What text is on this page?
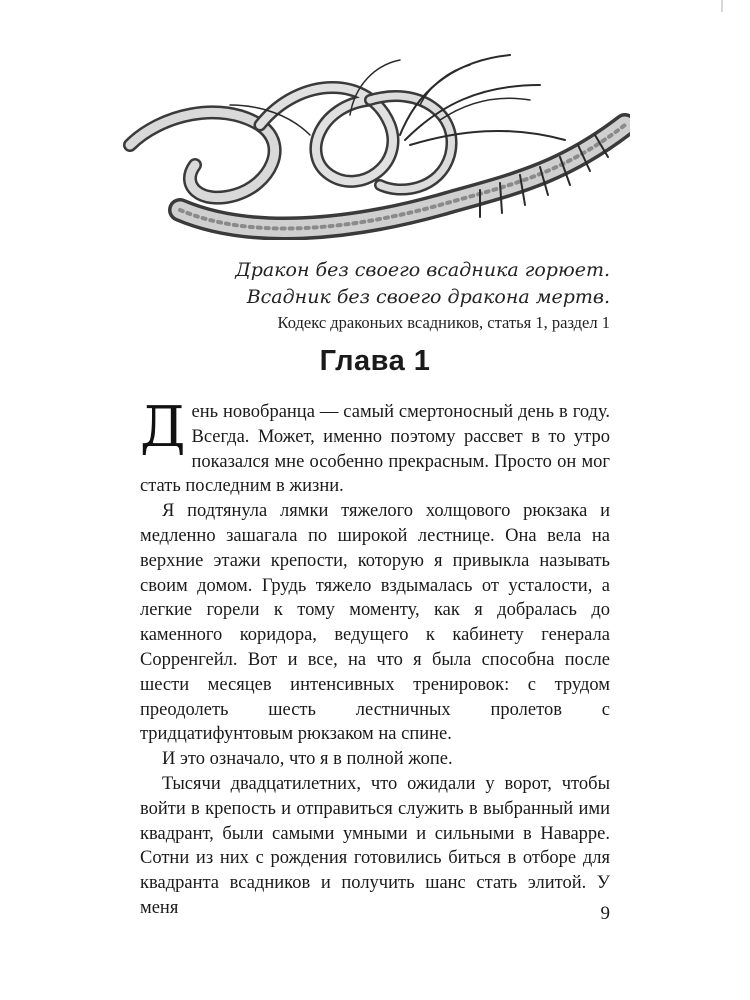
Дракон без своего всадника горюет.
Всадник без своего дракона мертв.
Кодекс драконьих всадников, статья 1, раздел 1
Глава 1

День новобранца — самый смертоносный день в году. Всегда. Может, именно поэтому рассвет в то утро показался мне особенно прекрасным. Просто он мог стать последним в жизни.

Я подтянула лямки тяжелого холщового рюкзака и медленно зашагала по широкой лестнице. Она вела на верхние этажи крепости, которую я привыкла называть своим домом. Грудь тяжело вздымалась от усталости, а легкие горели к тому моменту, как я добралась до каменного коридора, ведущего к кабинету генерала Сорренгейл. Вот и все, на что я была способна после шести месяцев интенсивных тренировок: с трудом преодолеть шесть лестничных пролетов с тридцатифунтовым рюкзаком на спине.

И это означало, что я в полной жопе.

Тысячи двадцатилетних, что ожидали у ворот, чтобы войти в крепость и отправиться служить в выбранный ими квадрант, были самыми умными и сильными в Наварре. Сотни из них с рождения готовились биться в отборе для квадранта всадников и получить шанс стать элитой. У меня	9
